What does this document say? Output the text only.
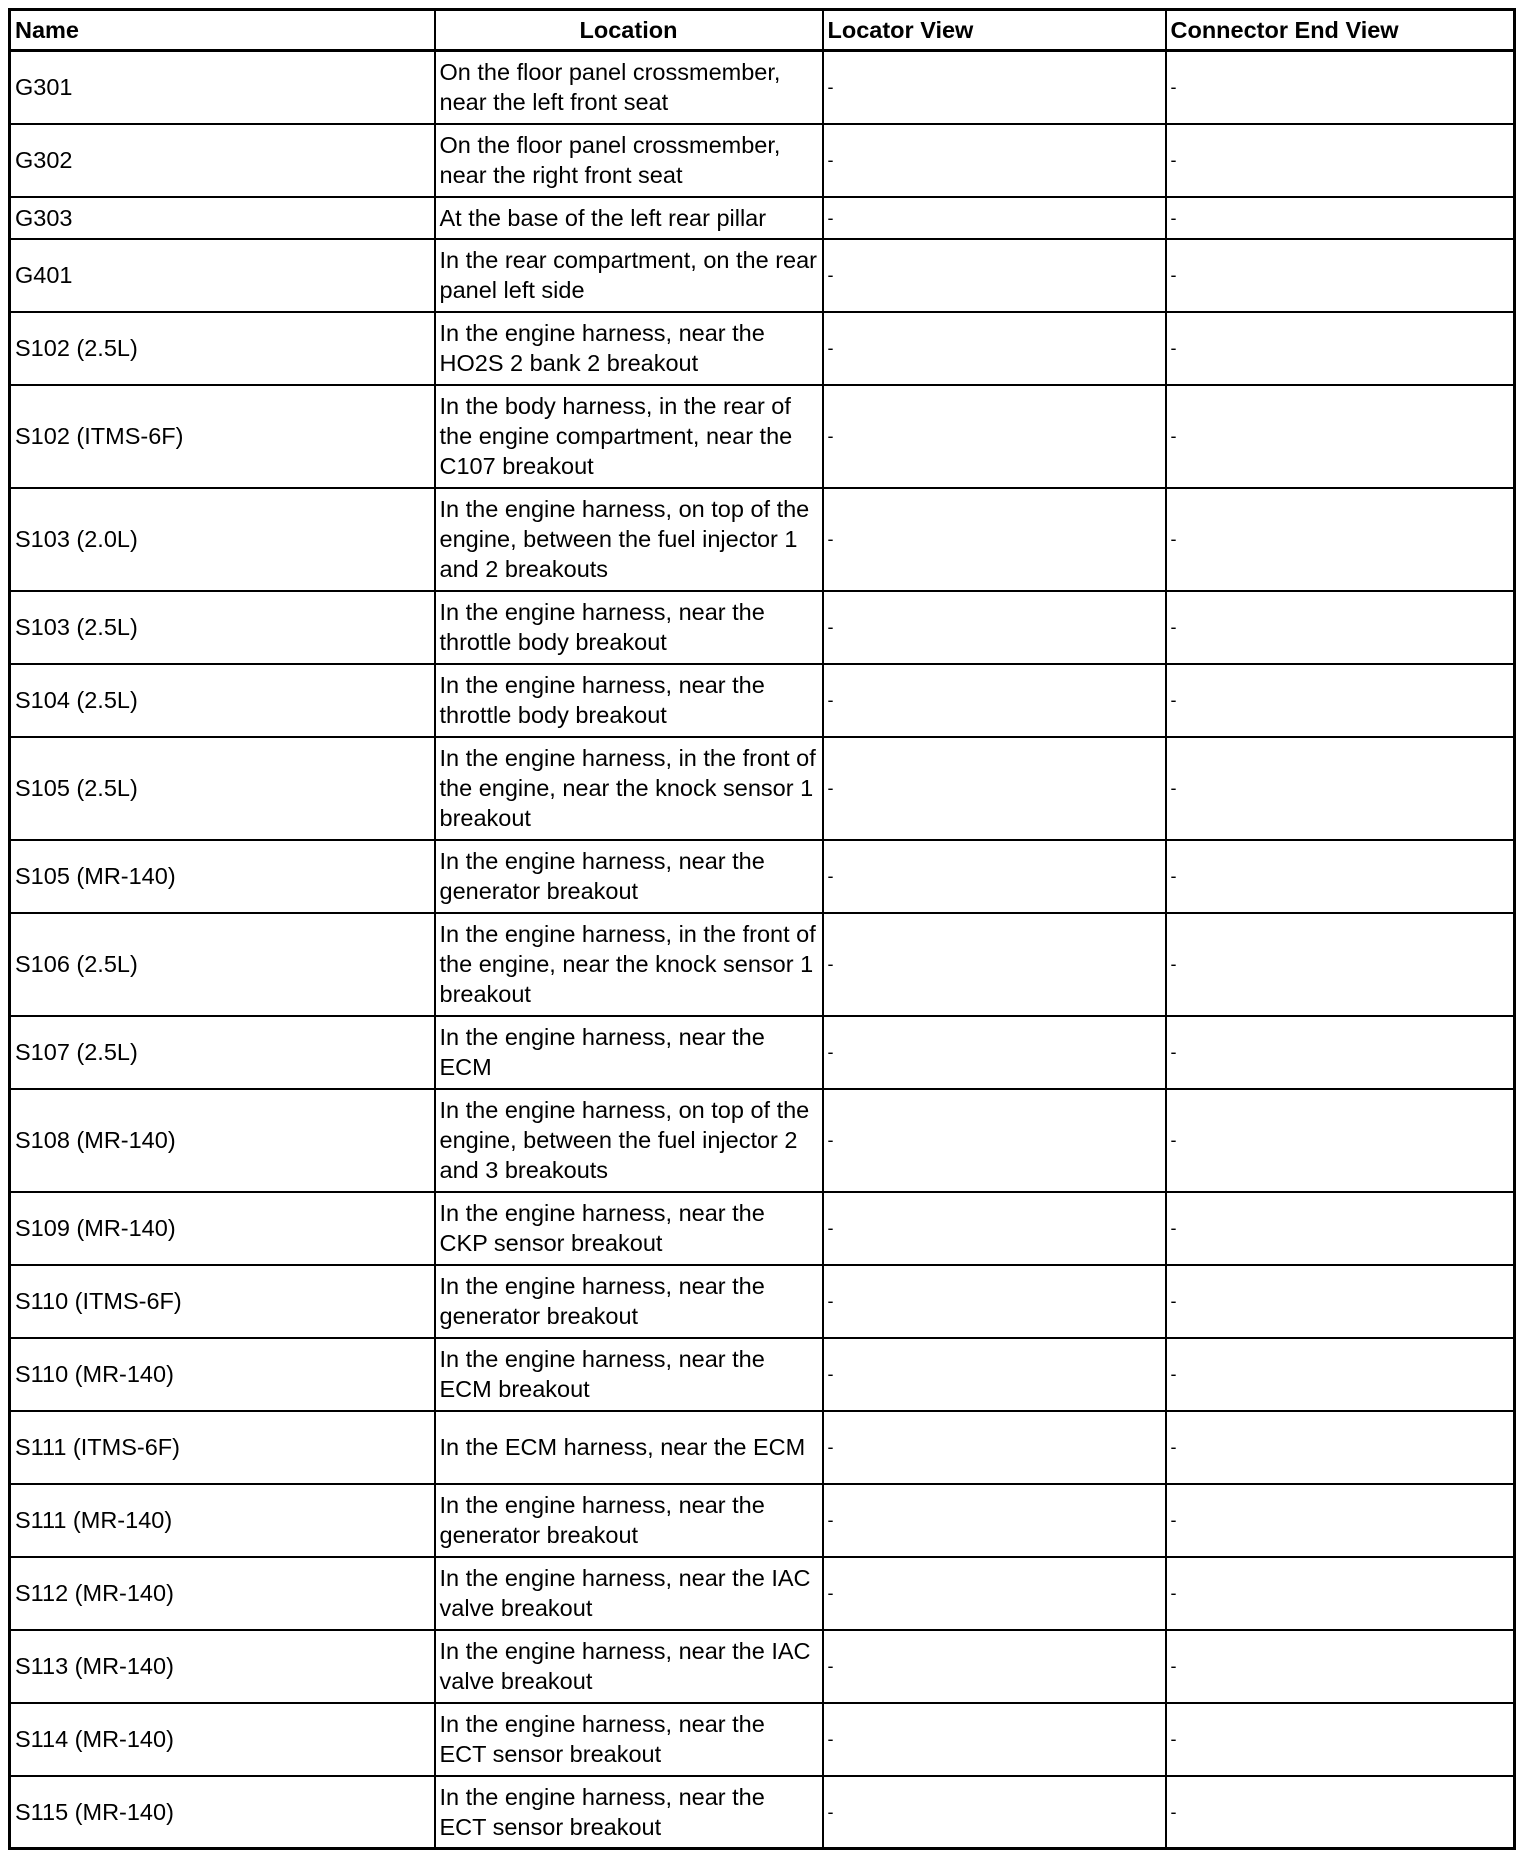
Name	Location	Locator View	Connector End View
G301	On the floor panel crossmember, near the left front seat	-	-
G302	On the floor panel crossmember, near the right front seat	-	-
G303	At the base of the left rear pillar	-	-
G401	In the rear compartment, on the rear panel left side	-	-
S102 (2.5L)	In the engine harness, near the HO2S 2 bank 2 breakout	-	-
S102 (ITMS-6F)	In the body harness, in the rear of the engine compartment, near the C107 breakout	-	-
S103 (2.0L)	In the engine harness, on top of the engine, between the fuel injector 1 and 2 breakouts	-	-
S103 (2.5L)	In the engine harness, near the throttle body breakout	-	-
S104 (2.5L)	In the engine harness, near the throttle body breakout	-	-
S105 (2.5L)	In the engine harness, in the front of the engine, near the knock sensor 1 breakout	-	-
S105 (MR-140)	In the engine harness, near the generator breakout	-	-
S106 (2.5L)	In the engine harness, in the front of the engine, near the knock sensor 1 breakout	-	-
S107 (2.5L)	In the engine harness, near the ECM	-	-
S108 (MR-140)	In the engine harness, on top of the engine, between the fuel injector 2 and 3 breakouts	-	-
S109 (MR-140)	In the engine harness, near the CKP sensor breakout	-	-
S110 (ITMS-6F)	In the engine harness, near the generator breakout	-	-
S110 (MR-140)	In the engine harness, near the ECM breakout	-	-
S111 (ITMS-6F)	In the ECM harness, near the ECM	-	-
S111 (MR-140)	In the engine harness, near the generator breakout	-	-
S112 (MR-140)	In the engine harness, near the IAC valve breakout	-	-
S113 (MR-140)	In the engine harness, near the IAC valve breakout	-	-
S114 (MR-140)	In the engine harness, near the ECT sensor breakout	-	-
S115 (MR-140)	In the engine harness, near the ECT sensor breakout	-	-
